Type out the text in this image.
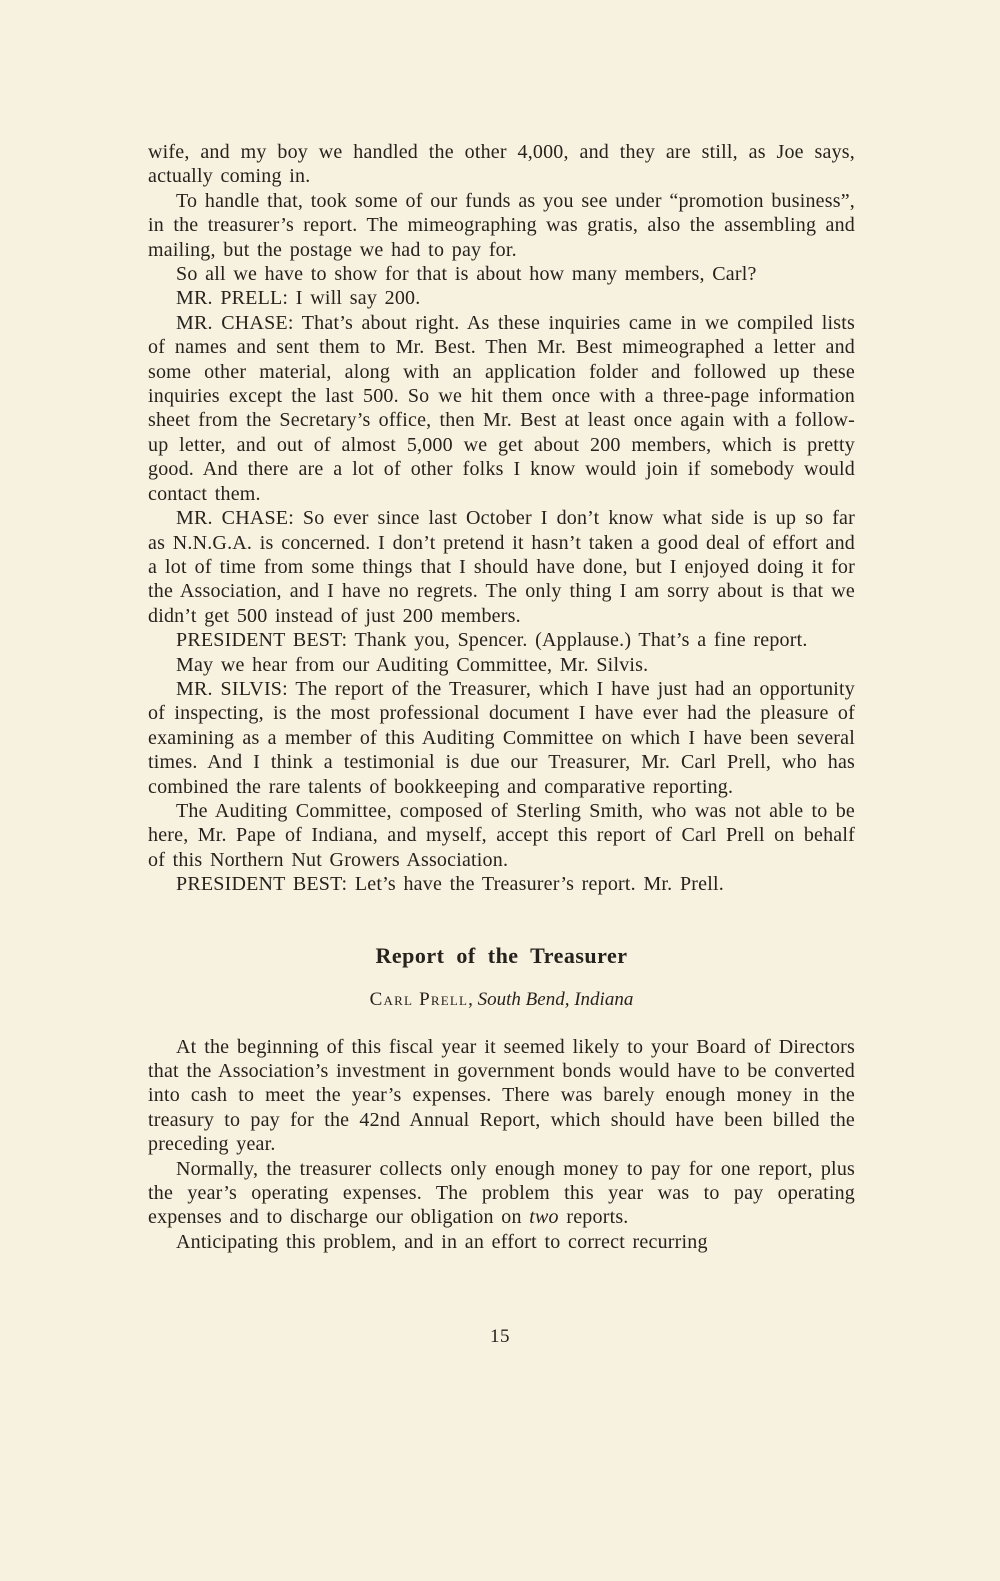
wife, and my boy we handled the other 4,000, and they are still, as Joe says, actually coming in.

To handle that, took some of our funds as you see under “promotion business”, in the treasurer’s report. The mimeographing was gratis, also the assembling and mailing, but the postage we had to pay for.

So all we have to show for that is about how many members, Carl?

MR. PRELL: I will say 200.

MR. CHASE: That’s about right. As these inquiries came in we compiled lists of names and sent them to Mr. Best. Then Mr. Best mimeographed a letter and some other material, along with an application folder and followed up these inquiries except the last 500. So we hit them once with a three-page information sheet from the Secretary’s office, then Mr. Best at least once again with a follow-up letter, and out of almost 5,000 we get about 200 members, which is pretty good. And there are a lot of other folks I know would join if somebody would contact them.

MR. CHASE: So ever since last October I don’t know what side is up so far as N.N.G.A. is concerned. I don’t pretend it hasn’t taken a good deal of effort and a lot of time from some things that I should have done, but I enjoyed doing it for the Association, and I have no regrets. The only thing I am sorry about is that we didn’t get 500 instead of just 200 members.

PRESIDENT BEST: Thank you, Spencer. (Applause.) That’s a fine report.

May we hear from our Auditing Committee, Mr. Silvis.

MR. SILVIS: The report of the Treasurer, which I have just had an opportunity of inspecting, is the most professional document I have ever had the pleasure of examining as a member of this Auditing Committee on which I have been several times. And I think a testimonial is due our Treasurer, Mr. Carl Prell, who has combined the rare talents of bookkeeping and comparative reporting.

The Auditing Committee, composed of Sterling Smith, who was not able to be here, Mr. Pape of Indiana, and myself, accept this report of Carl Prell on behalf of this Northern Nut Growers Association.

PRESIDENT BEST: Let’s have the Treasurer’s report. Mr. Prell.

Report of the Treasurer

Carl Prell, South Bend, Indiana

At the beginning of this fiscal year it seemed likely to your Board of Directors that the Association’s investment in government bonds would have to be converted into cash to meet the year’s expenses. There was barely enough money in the treasury to pay for the 42nd Annual Report, which should have been billed the preceding year.

Normally, the treasurer collects only enough money to pay for one report, plus the year’s operating expenses. The problem this year was to pay operating expenses and to discharge our obligation on two reports.

Anticipating this problem, and in an effort to correct recurring

15
